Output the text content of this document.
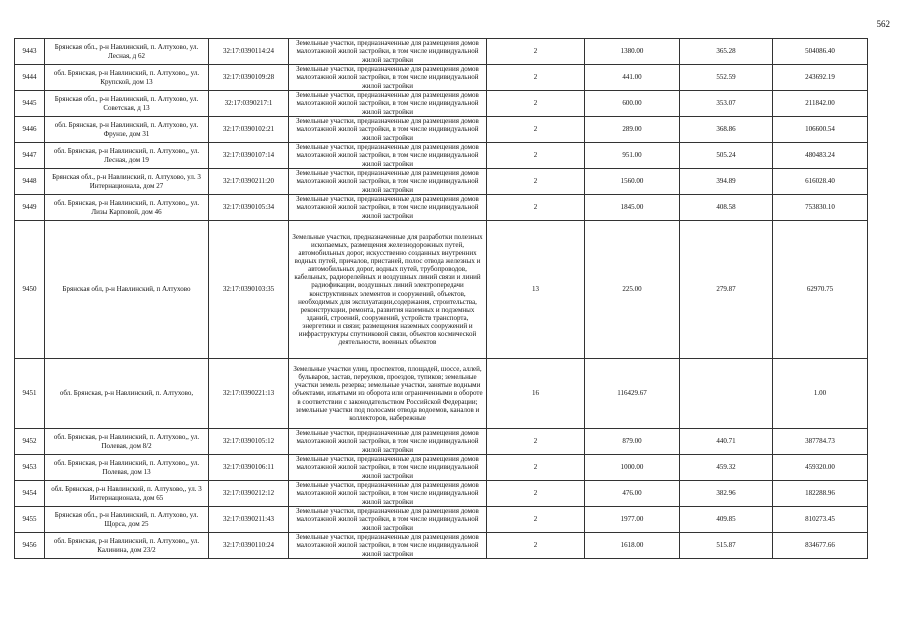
562
9443	Брянская обл., р-н Навлинский, п. Алтухово, ул. Лесная, д 62	32:17:0390114:24	Земельные участки, предназначенные для размещения домов малоэтажной жилой застройки, в том числе индивидуальной жилой застройки	2	1380.00	365.28	504086.40
9444	обл. Брянская, р-н Навлинский, п. Алтухово,, ул. Крупской, дом 13	32:17:0390109:28	Земельные участки, предназначенные для размещения домов малоэтажной жилой застройки, в том числе индивидуальной жилой застройки	2	441.00	552.59	243692.19
9445	Брянская обл., р-н Навлинский, п. Алтухово, ул. Советская, д 13	32:17:0390217:1	Земельные участки, предназначенные для размещения домов малоэтажной жилой застройки, в том числе индивидуальной жилой застройки	2	600.00	353.07	211842.00
9446	обл. Брянская, р-н Навлинский, п. Алтухово, ул. Фрунзе, дом 31	32:17:0390102:21	Земельные участки, предназначенные для размещения домов малоэтажной жилой застройки, в том числе индивидуальной жилой застройки	2	289.00	368.86	106600.54
9447	обл. Брянская, р-н Навлинский, п. Алтухово,, ул. Лесная, дом 19	32:17:0390107:14	Земельные участки, предназначенные для размещения домов малоэтажной жилой застройки, в том числе индивидуальной жилой застройки	2	951.00	505.24	480483.24
9448	Брянская обл., р-н Навлинский, п. Алтухово, ул. 3 Интернационала, дом 27	32:17:0390211:20	Земельные участки, предназначенные для размещения домов малоэтажной жилой застройки, в том числе индивидуальной жилой застройки	2	1560.00	394.89	616028.40
9449	обл. Брянская, р-н Навлинский, п. Алтухово,, ул. Лизы Карповой, дом 46	32:17:0390105:34	Земельные участки, предназначенные для размещения домов малоэтажной жилой застройки, в том числе индивидуальной жилой застройки	2	1845.00	408.58	753830.10
9450	Брянская обл, р-н Навлинский, п Алтухово	32:17:0390103:35	Земельные участки, предназначенные для разработки полезных ископаемых, размещения железнодорожных путей, автомобильных дорог, искусственно созданных внутренних водных путей, причалов, пристаней, полос отвода железных и автомобильных дорог, водных путей, трубопроводов, кабельных, радиорелейных и воздушных линий связи и линий радиофикации, воздушных линий электропередачи конструктивных элементов и сооружений, объектов, необходимых для эксплуатации,содержания, строительства, реконструкции, ремонта, развития наземных и подземных зданий, строений, сооружений, устройств транспорта, энергетики и связи; размещения наземных сооружений и инфраструктуры спутниковой связи, объектов космической деятельности, военных объектов	13	225.00	279.87	62970.75
9451	обл. Брянская, р-н Навлинский, п. Алтухово,	32:17:0390221:13	Земельные участки улиц, проспектов, площадей, шоссе, аллей, бульваров, застав, переулков, проездов, тупиков; земельные участки земель резерва; земельные участки, занятые водными объектами, изъятыми из оборота или ограниченными в обороте в соответствии с законодательством Российской Федерации; земельные участки под полосами отвода водоемов, каналов и коллекторов, набережные	16	116429.67		1.00
9452	обл. Брянская, р-н Навлинский, п. Алтухово,, ул. Полевая, дом 8/2	32:17:0390105:12	Земельные участки, предназначенные для размещения домов малоэтажной жилой застройки, в том числе индивидуальной жилой застройки	2	879.00	440.71	387784.73
9453	обл. Брянская, р-н Навлинский, п. Алтухово,, ул. Полевая, дом 13	32:17:0390106:11	Земельные участки, предназначенные для размещения домов малоэтажной жилой застройки, в том числе индивидуальной жилой застройки	2	1000.00	459.32	459320.00
9454	обл. Брянская, р-н Навлинский, п. Алтухово,, ул. 3 Интернационала, дом 65	32:17:0390212:12	Земельные участки, предназначенные для размещения домов малоэтажной жилой застройки, в том числе индивидуальной жилой застройки	2	476.00	382.96	182288.96
9455	Брянская обл., р-н Навлинский, п. Алтухово, ул. Щорса, дом 25	32:17:0390211:43	Земельные участки, предназначенные для размещения домов малоэтажной жилой застройки, в том числе индивидуальной жилой застройки	2	1977.00	409.85	810273.45
9456	обл. Брянская, р-н Навлинский, п. Алтухово,, ул. Калинина, дом 23/2	32:17:0390110:24	Земельные участки, предназначенные для размещения домов малоэтажной жилой застройки, в том числе индивидуальной жилой застройки	2	1618.00	515.87	834677.66
